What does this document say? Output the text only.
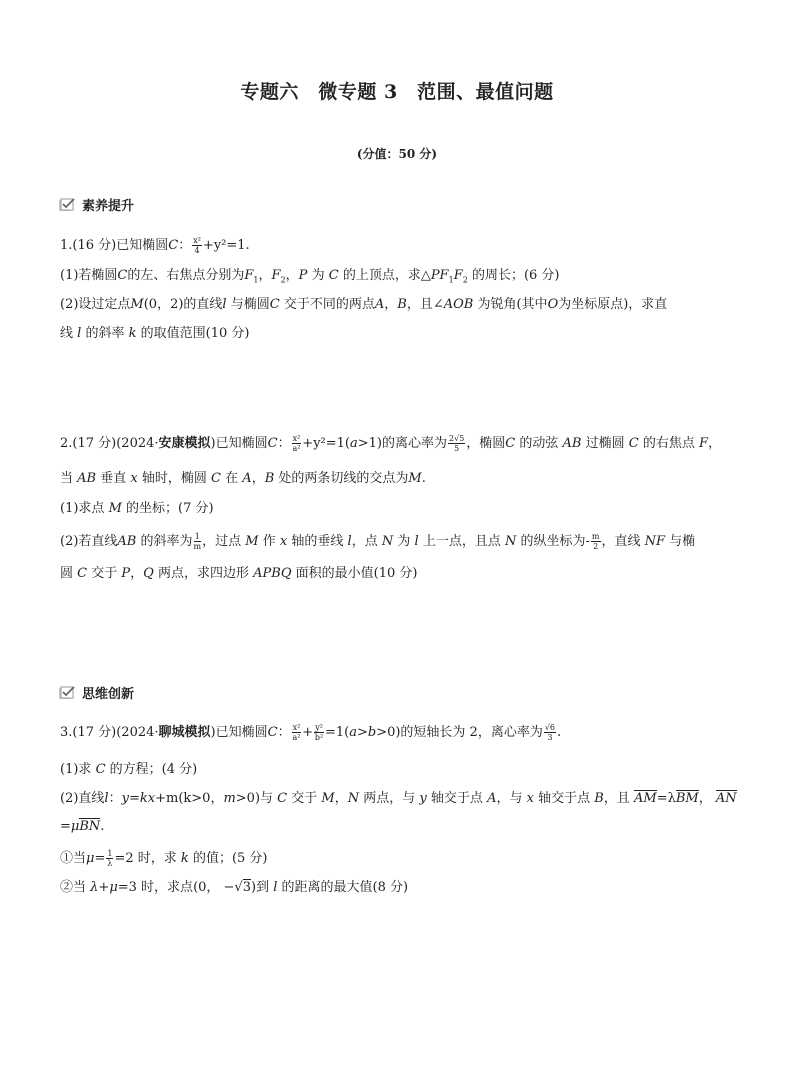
专题六　微专题 3　范围、最值问题
(分值：50 分)
素养提升
1.(16 分)已知椭圆C： $\frac{\text{x²}}{4} +y^2=1$.
(1)若椭圆C的左、右焦点分别为$F_1$，$F_2$，P 为 C 的上顶点，求$\triangle PF_1F_2$ 的周长；(6 分)
(2)设过定点M(0，2)的直线l 与椭圆C 交于不同的两点A，B，且∠AOB 为锐角(其中O为坐标原点)，求直
线 l 的斜率 k 的取值范围(10 分)
2.(17 分)(2024·安康模拟)已知椭圆C： $\frac{\text{x²}}{\text{a²}} +y^2=1(a>1)$的离心率为 $\frac{2√5}{5}$ ，椭圆C 的动弦 AB 过椭圆 C 的右焦点 F，
当 AB 垂直 x 轴时，椭圆 C 在 A，B 处的两条切线的交点为M.
(1)求点 M 的坐标；(7 分)
(2)若直线AB 的斜率为 $\frac{1}{m}$ ，过点 M 作 x 轴的垂线 l，点 N 为 l 上一点，且点 N 的纵坐标为- $\frac{m}{2}$ ，直线 NF 与椭
圆 C 交于 P，Q 两点，求四边形 APBQ 面积的最小值(10 分)
思维创新
3.(17 分)(2024·聊城模拟)已知椭圆C： $\frac{\text{x²}}{\text{a²}} + \frac{\text{y²}}{\text{b²}} =1(a>b>0)$的短轴长为 2，离心率为 $\frac{√6}{3}$ .
(1)求 C 的方程；(4 分)
(2)直线l：y=kx+m(k>0，m>0)与 C 交于 M，N 两点，与 y 轴交于点 A，与 x 轴交于点 B，且 AM=λBM， AN
=μBN.
①当$\mu= \frac{1}{\lambda} =2$ 时，求 k 的值；(5 分)
②当 λ+μ=3 时，求点(0， −√3)到 l 的距离的最大值(8 分)
